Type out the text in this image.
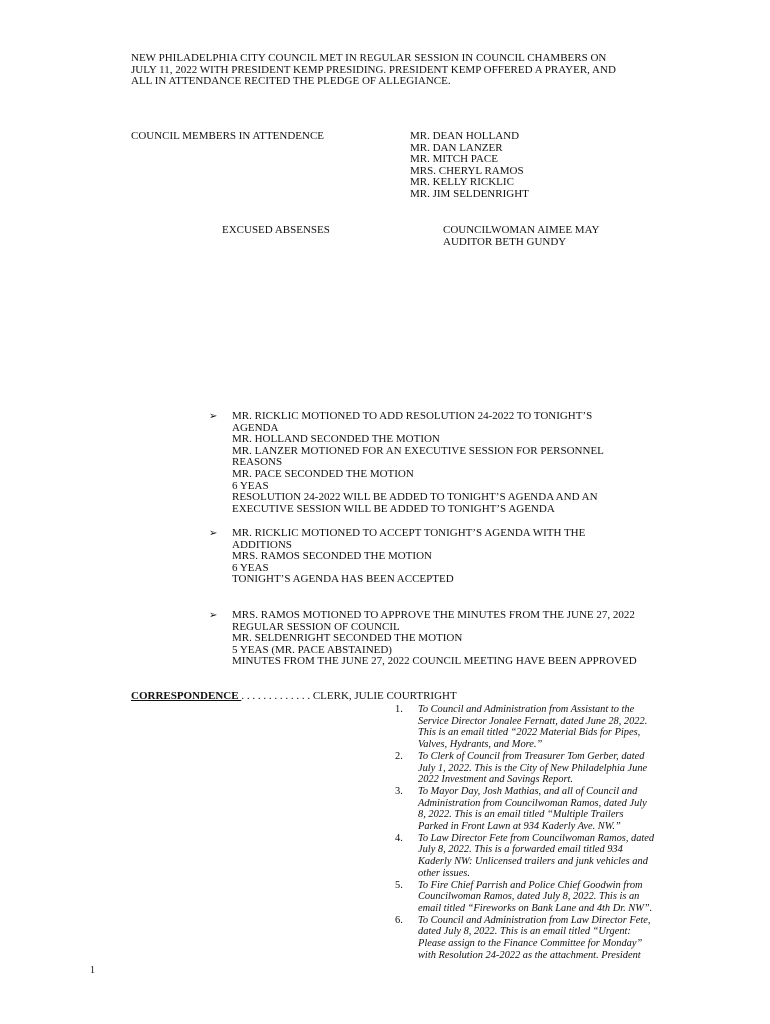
NEW PHILADELPHIA CITY COUNCIL MET IN REGULAR SESSION IN COUNCIL CHAMBERS ON
JULY 11, 2022 WITH PRESIDENT KEMP PRESIDING. PRESIDENT KEMP OFFERED A PRAYER, AND
ALL IN ATTENDANCE RECITED THE PLEDGE OF ALLEGIANCE.
COUNCIL MEMBERS IN ATTENDENCE	MR. DEAN HOLLAND
MR. DAN LANZER
MR. MITCH PACE
MRS. CHERYL RAMOS
MR. KELLY RICKLIC
MR. JIM SELDENRIGHT
EXCUSED ABSENSES	COUNCILWOMAN AIMEE MAY
AUDITOR BETH GUNDY
➢ MR. RICKLIC MOTIONED TO ADD RESOLUTION 24-2022 TO TONIGHT’S
AGENDA
MR. HOLLAND SECONDED THE MOTION
MR. LANZER MOTIONED FOR AN EXECUTIVE SESSION FOR PERSONNEL
REASONS
MR. PACE SECONDED THE MOTION
6 YEAS
RESOLUTION 24-2022 WILL BE ADDED TO TONIGHT’S AGENDA AND AN
EXECUTIVE SESSION WILL BE ADDED TO TONIGHT’S AGENDA
➢ MR. RICKLIC MOTIONED TO ACCEPT TONIGHT’S AGENDA WITH THE
ADDITIONS
MRS. RAMOS SECONDED THE MOTION
6 YEAS
TONIGHT’S AGENDA HAS BEEN ACCEPTED
➢ MRS. RAMOS MOTIONED TO APPROVE THE MINUTES FROM THE JUNE 27, 2022
REGULAR SESSION OF COUNCIL
MR. SELDENRIGHT SECONDED THE MOTION
5 YEAS (MR. PACE ABSTAINED)
MINUTES FROM THE JUNE 27, 2022 COUNCIL MEETING HAVE BEEN APPROVED
CORRESPONDENCE . . . . . . . . . . . . . CLERK, JULIE COURTRIGHT
1. To Council and Administration from Assistant to the
Service Director Jonalee Fernatt, dated June 28, 2022.
This is an email titled “2022 Material Bids for Pipes,
Valves, Hydrants, and More.”
2. To Clerk of Council from Treasurer Tom Gerber, dated
July 1, 2022. This is the City of New Philadelphia June
2022 Investment and Savings Report.
3. To Mayor Day, Josh Mathias, and all of Council and
Administration from Councilwoman Ramos, dated July
8, 2022. This is an email titled “Multiple Trailers
Parked in Front Lawn at 934 Kaderly Ave. NW.”
4. To Law Director Fete from Councilwoman Ramos, dated
July 8, 2022. This is a forwarded email titled 934
Kaderly NW: Unlicensed trailers and junk vehicles and
other issues.
5. To Fire Chief Parrish and Police Chief Goodwin from
Councilwoman Ramos, dated July 8, 2022. This is an
email titled “Fireworks on Bank Lane and 4th Dr. NW”.
6. To Council and Administration from Law Director Fete,
dated July 8, 2022. This is an email titled “Urgent:
Please assign to the Finance Committee for Monday”
with Resolution 24-2022 as the attachment. President
1
